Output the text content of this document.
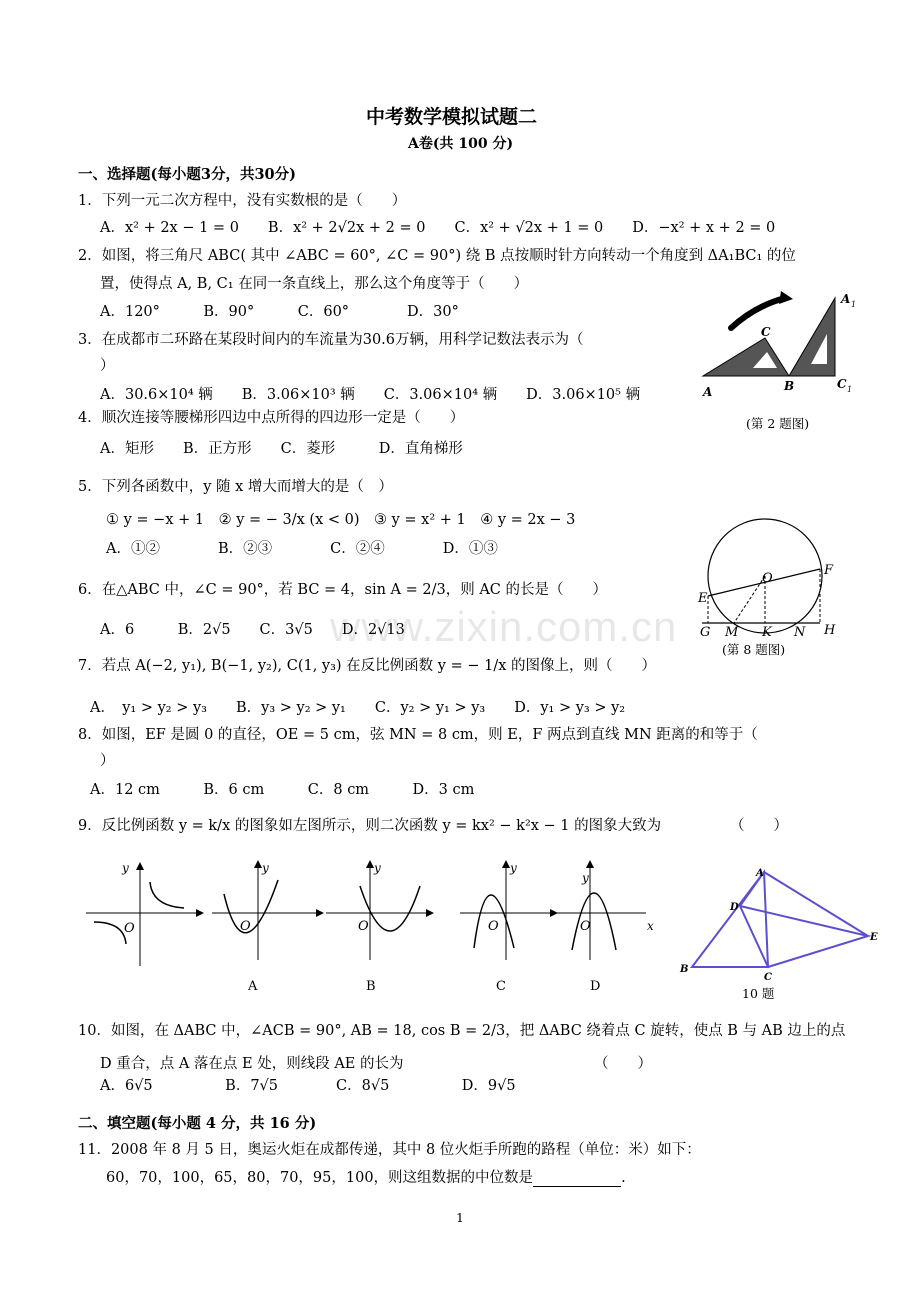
www.zixin.com.cn
中考数学模拟试题二
A卷(共 100 分)
一、选择题(每小题3分，共30分)
1．下列一元二次方程中，没有实数根的是（　　）
A．x² + 2x − 1 = 0　　B．x² + 2√2x + 2 = 0　　C．x² + √2x + 1 = 0　　D．−x² + x + 2 = 0
2．如图，将三角尺 ABC( 其中 ∠ABC = 60°, ∠C = 90°) 绕 B 点按顺时针方向转动一个角度到 ΔA₁BC₁ 的位
置，使得点 A, B, C₁ 在同一条直线上，那么这个角度等于（　　）
A．120°　　　B．90°　　　C．60°　　　　D．30°
C
A	B	C 1
A 1
(第 2 题图)
3．在成都市二环路在某段时间内的车流量为30.6万辆，用科学记数法表示为（
）
A．30.6×10⁴ 辆　　B．3.06×10³ 辆　　C．3.06×10⁴ 辆　　D．3.06×10⁵ 辆
4．顺次连接等腰梯形四边中点所得的四边形一定是（　　）
A．矩形　　B．正方形　　C．菱形　　　D．直角梯形
5．下列各函数中，y 随 x 增大而增大的是（　）
① y = −x + 1　② y = − 3/x (x < 0)　③ y = x² + 1　④ y = 2x − 3
A．①②　　　　B．②③　　　　C．②④　　　　D．①③
O
E
F
G M K N H
(第 8 题图)
6．在△ABC 中，∠C = 90°，若 BC = 4，sin A = 2/3，则 AC 的长是（　　）
A．6　　　B．2√5　　C．3√5　　D．2√13
7．若点 A(−2, y₁), B(−1, y₂), C(1, y₃) 在反比例函数 y = − 1/x 的图像上，则（　　）
A．　y₁ > y₂ > y₃　　B．y₃ > y₂ > y₁　　C．y₂ > y₁ > y₃　　D．y₁ > y₃ > y₂
8．如图，EF 是圆 0 的直径，OE = 5 cm，弦 MN = 8 cm，则 E，F 两点到直线 MN 距离的和等于（
）
A．12 cm　　　B．6 cm　　　C．8 cm　　　D．3 cm
9．反比例函数 y = k/x 的图象如左图所示，则二次函数 y = kx² − k²x − 1 的图象大致为	（　　）
y
O
y
O
A
y
O
B
y
O
C
x
y
O
D
A
B
C
D
E
10 题
10．如图，在 ΔABC 中，∠ACB = 90°, AB = 18, cos B = 2/3，把 ΔABC 绕着点 C 旋转，使点 B 与 AB 边上的点
D 重合，点 A 落在点 E 处，则线段 AE 的长为	（　　）
A．6√5　　　　　B．7√5　　　　C．8√5　　　　　D．9√5
二、填空题(每小题 4 分，共 16 分)
11．2008 年 8 月 5 日，奥运火炬在成都传递，其中 8 位火炬手所跑的路程（单位：米）如下：
60，70，100，65，80，70，95，100，则这组数据的中位数是	.
1
